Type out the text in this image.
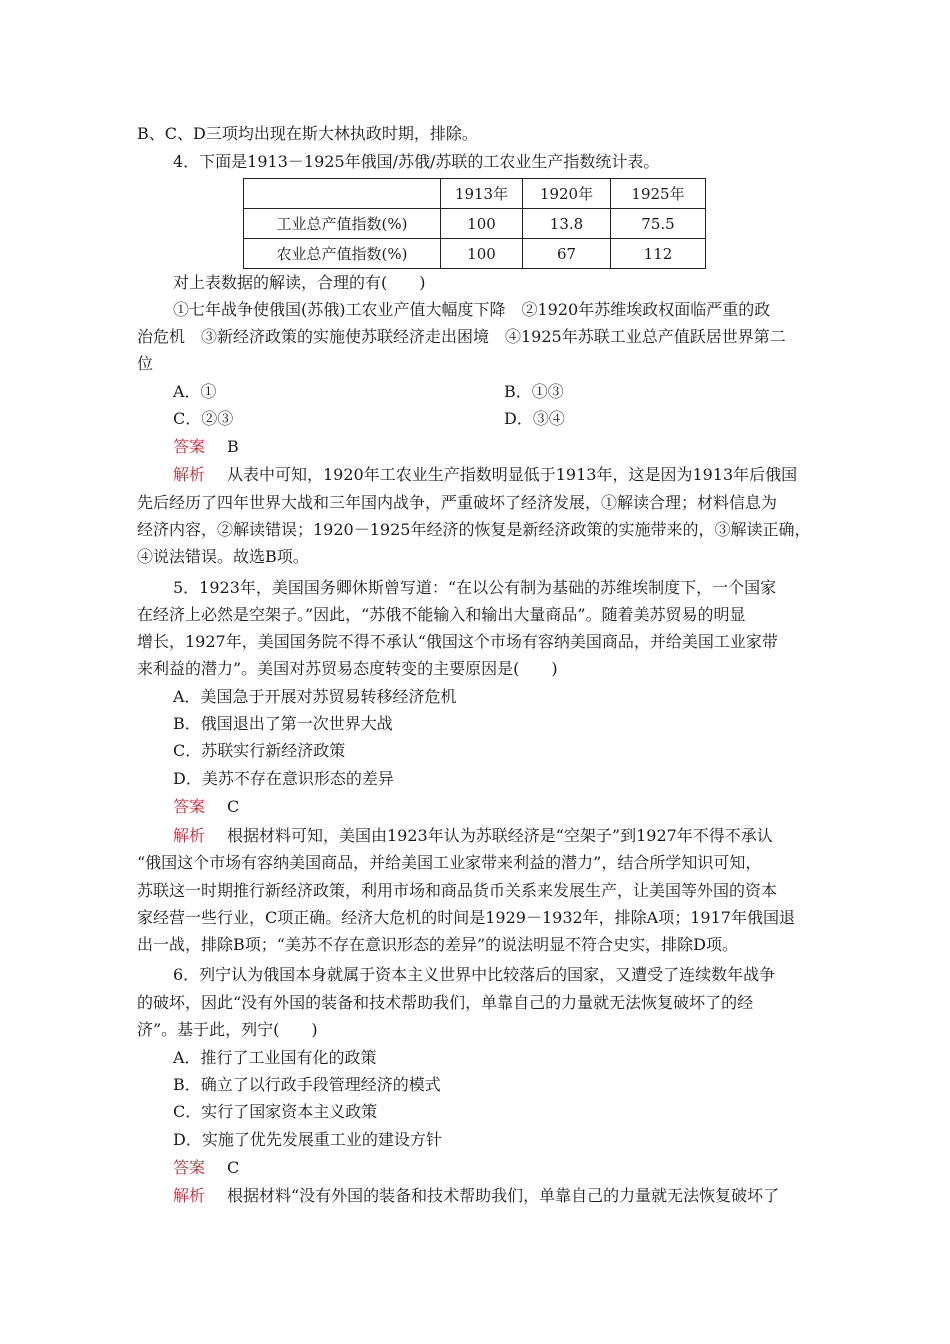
B、C、D三项均出现在斯大林执政时期，排除。
4．下面是1913－1925年俄国/苏俄/苏联的工农业生产指数统计表。
	1913年	1920年	1925年
工业总产值指数(%)	100	13.8	75.5
农业总产值指数(%)	100	67	112
对上表数据的解读，合理的有(　　)
①七年战争使俄国(苏俄)工农业产值大幅度下降　②1920年苏维埃政权面临严重的政
治危机　③新经济政策的实施使苏联经济走出困境　④1925年苏联工业总产值跃居世界第二
位
A．①	B．①③
C．②③	D．③④
答案 B
解析 从表中可知，1920年工农业生产指数明显低于1913年，这是因为1913年后俄国
先后经历了四年世界大战和三年国内战争，严重破坏了经济发展，①解读合理；材料信息为
经济内容，②解读错误；1920－1925年经济的恢复是新经济政策的实施带来的，③解读正确，
④说法错误。故选B项。
5．1923年，美国国务卿休斯曾写道：“在以公有制为基础的苏维埃制度下，一个国家
在经济上必然是空架子。”因此，“苏俄不能输入和输出大量商品”。随着美苏贸易的明显
增长，1927年，美国国务院不得不承认“俄国这个市场有容纳美国商品，并给美国工业家带
来利益的潜力”。美国对苏贸易态度转变的主要原因是(　　)
A．美国急于开展对苏贸易转移经济危机
B．俄国退出了第一次世界大战
C．苏联实行新经济政策
D．美苏不存在意识形态的差异
答案 C
解析 根据材料可知，美国由1923年认为苏联经济是“空架子”到1927年不得不承认
“俄国这个市场有容纳美国商品，并给美国工业家带来利益的潜力”，结合所学知识可知，
苏联这一时期推行新经济政策，利用市场和商品货币关系来发展生产，让美国等外国的资本
家经营一些行业，C项正确。经济大危机的时间是1929－1932年，排除A项；1917年俄国退
出一战，排除B项；“美苏不存在意识形态的差异”的说法明显不符合史实，排除D项。
6．列宁认为俄国本身就属于资本主义世界中比较落后的国家，又遭受了连续数年战争
的破坏，因此“没有外国的装备和技术帮助我们，单靠自己的力量就无法恢复破坏了的经
济”。基于此，列宁(　　)
A．推行了工业国有化的政策
B．确立了以行政手段管理经济的模式
C．实行了国家资本主义政策
D．实施了优先发展重工业的建设方针
答案 C
解析 根据材料“没有外国的装备和技术帮助我们，单靠自己的力量就无法恢复破坏了
